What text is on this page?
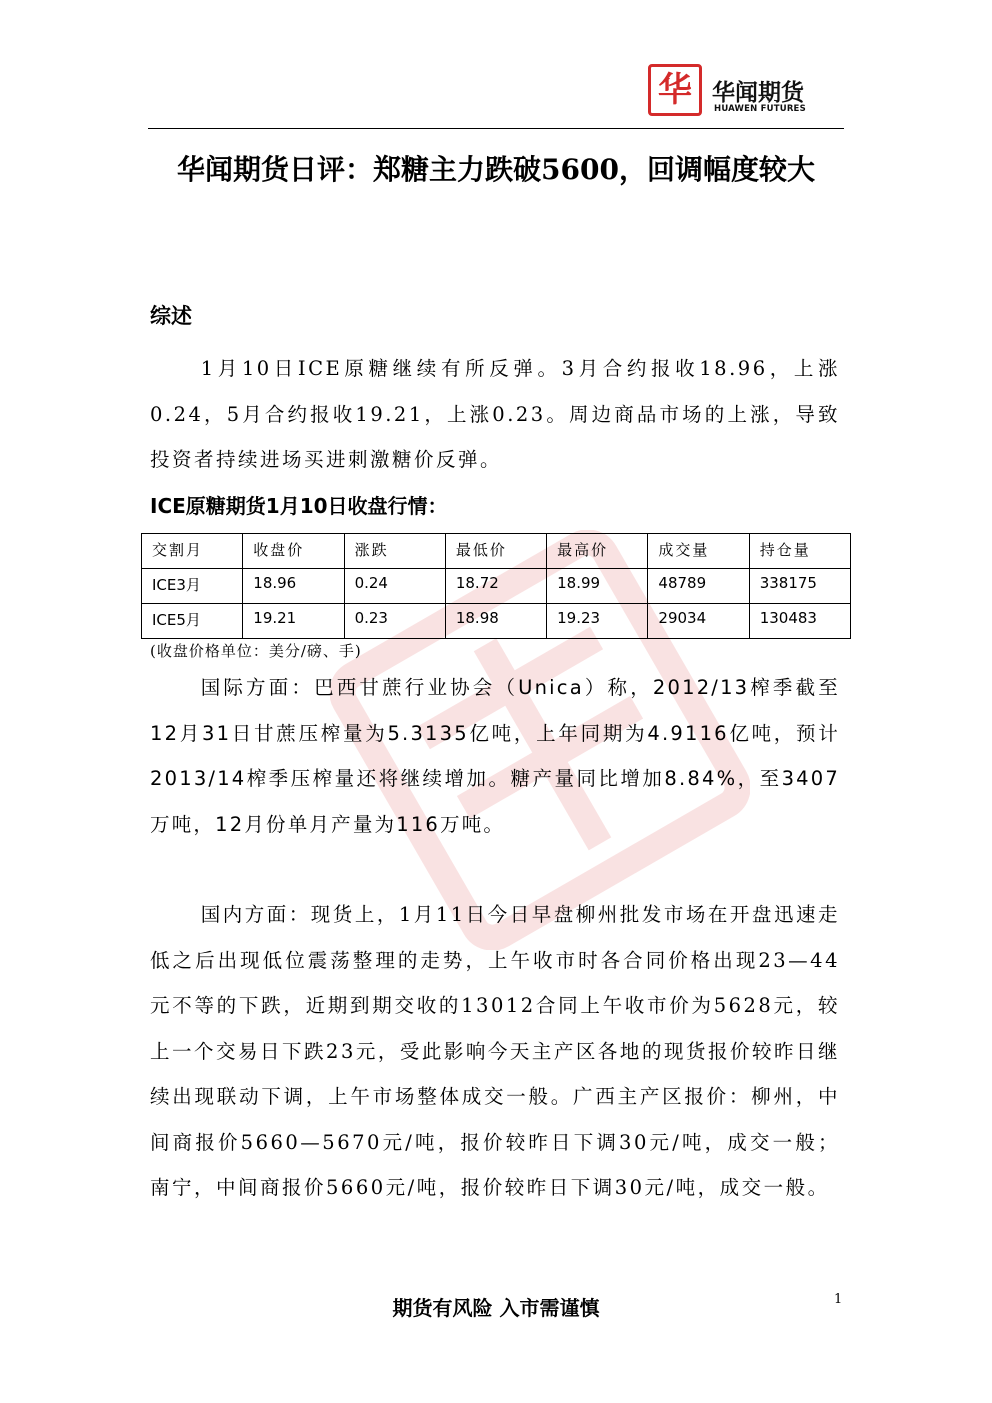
华 华闻期货
HUAWEN FUTURES
华闻期货日评：郑糖主力跌破5600，回调幅度较大
综述

1月10日ICE原糖继续有所反弹。3月合约报收18.96，上涨0.24，5月合约报收19.21，上涨0.23。周边商品市场的上涨，导致投资者持续进场买进刺激糖价反弹。

ICE原糖期货1月10日收盘行情：
交割月	收盘价	涨跌	最低价	最高价	成交量	持仓量
ICE3月	18.96	0.24	18.72	18.99	48789	338175
ICE5月	19.21	0.23	18.98	19.23	29034	130483
(收盘价格单位：美分/磅、手)

国际方面：巴西甘蔗行业协会（Unica）称，2012/13榨季截至12月31日甘蔗压榨量为5.3135亿吨，上年同期为4.9116亿吨，预计2013/14榨季压榨量还将继续增加。糖产量同比增加8.84%，至3407万吨，12月份单月产量为116万吨。

国内方面：现货上，1月11日今日早盘柳州批发市场在开盘迅速走低之后出现低位震荡整理的走势，上午收市时各合同价格出现23—44元不等的下跌，近期到期交收的13012合同上午收市价为5628元，较上一个交易日下跌23元，受此影响今天主产区各地的现货报价较昨日继续出现联动下调，上午市场整体成交一般。广西主产区报价：柳州，中间商报价5660—5670元/吨，报价较昨日下调30元/吨，成交一般；南宁，中间商报价5660元/吨，报价较昨日下调30元/吨，成交一般。

期货有风险 入市需谨慎	1
